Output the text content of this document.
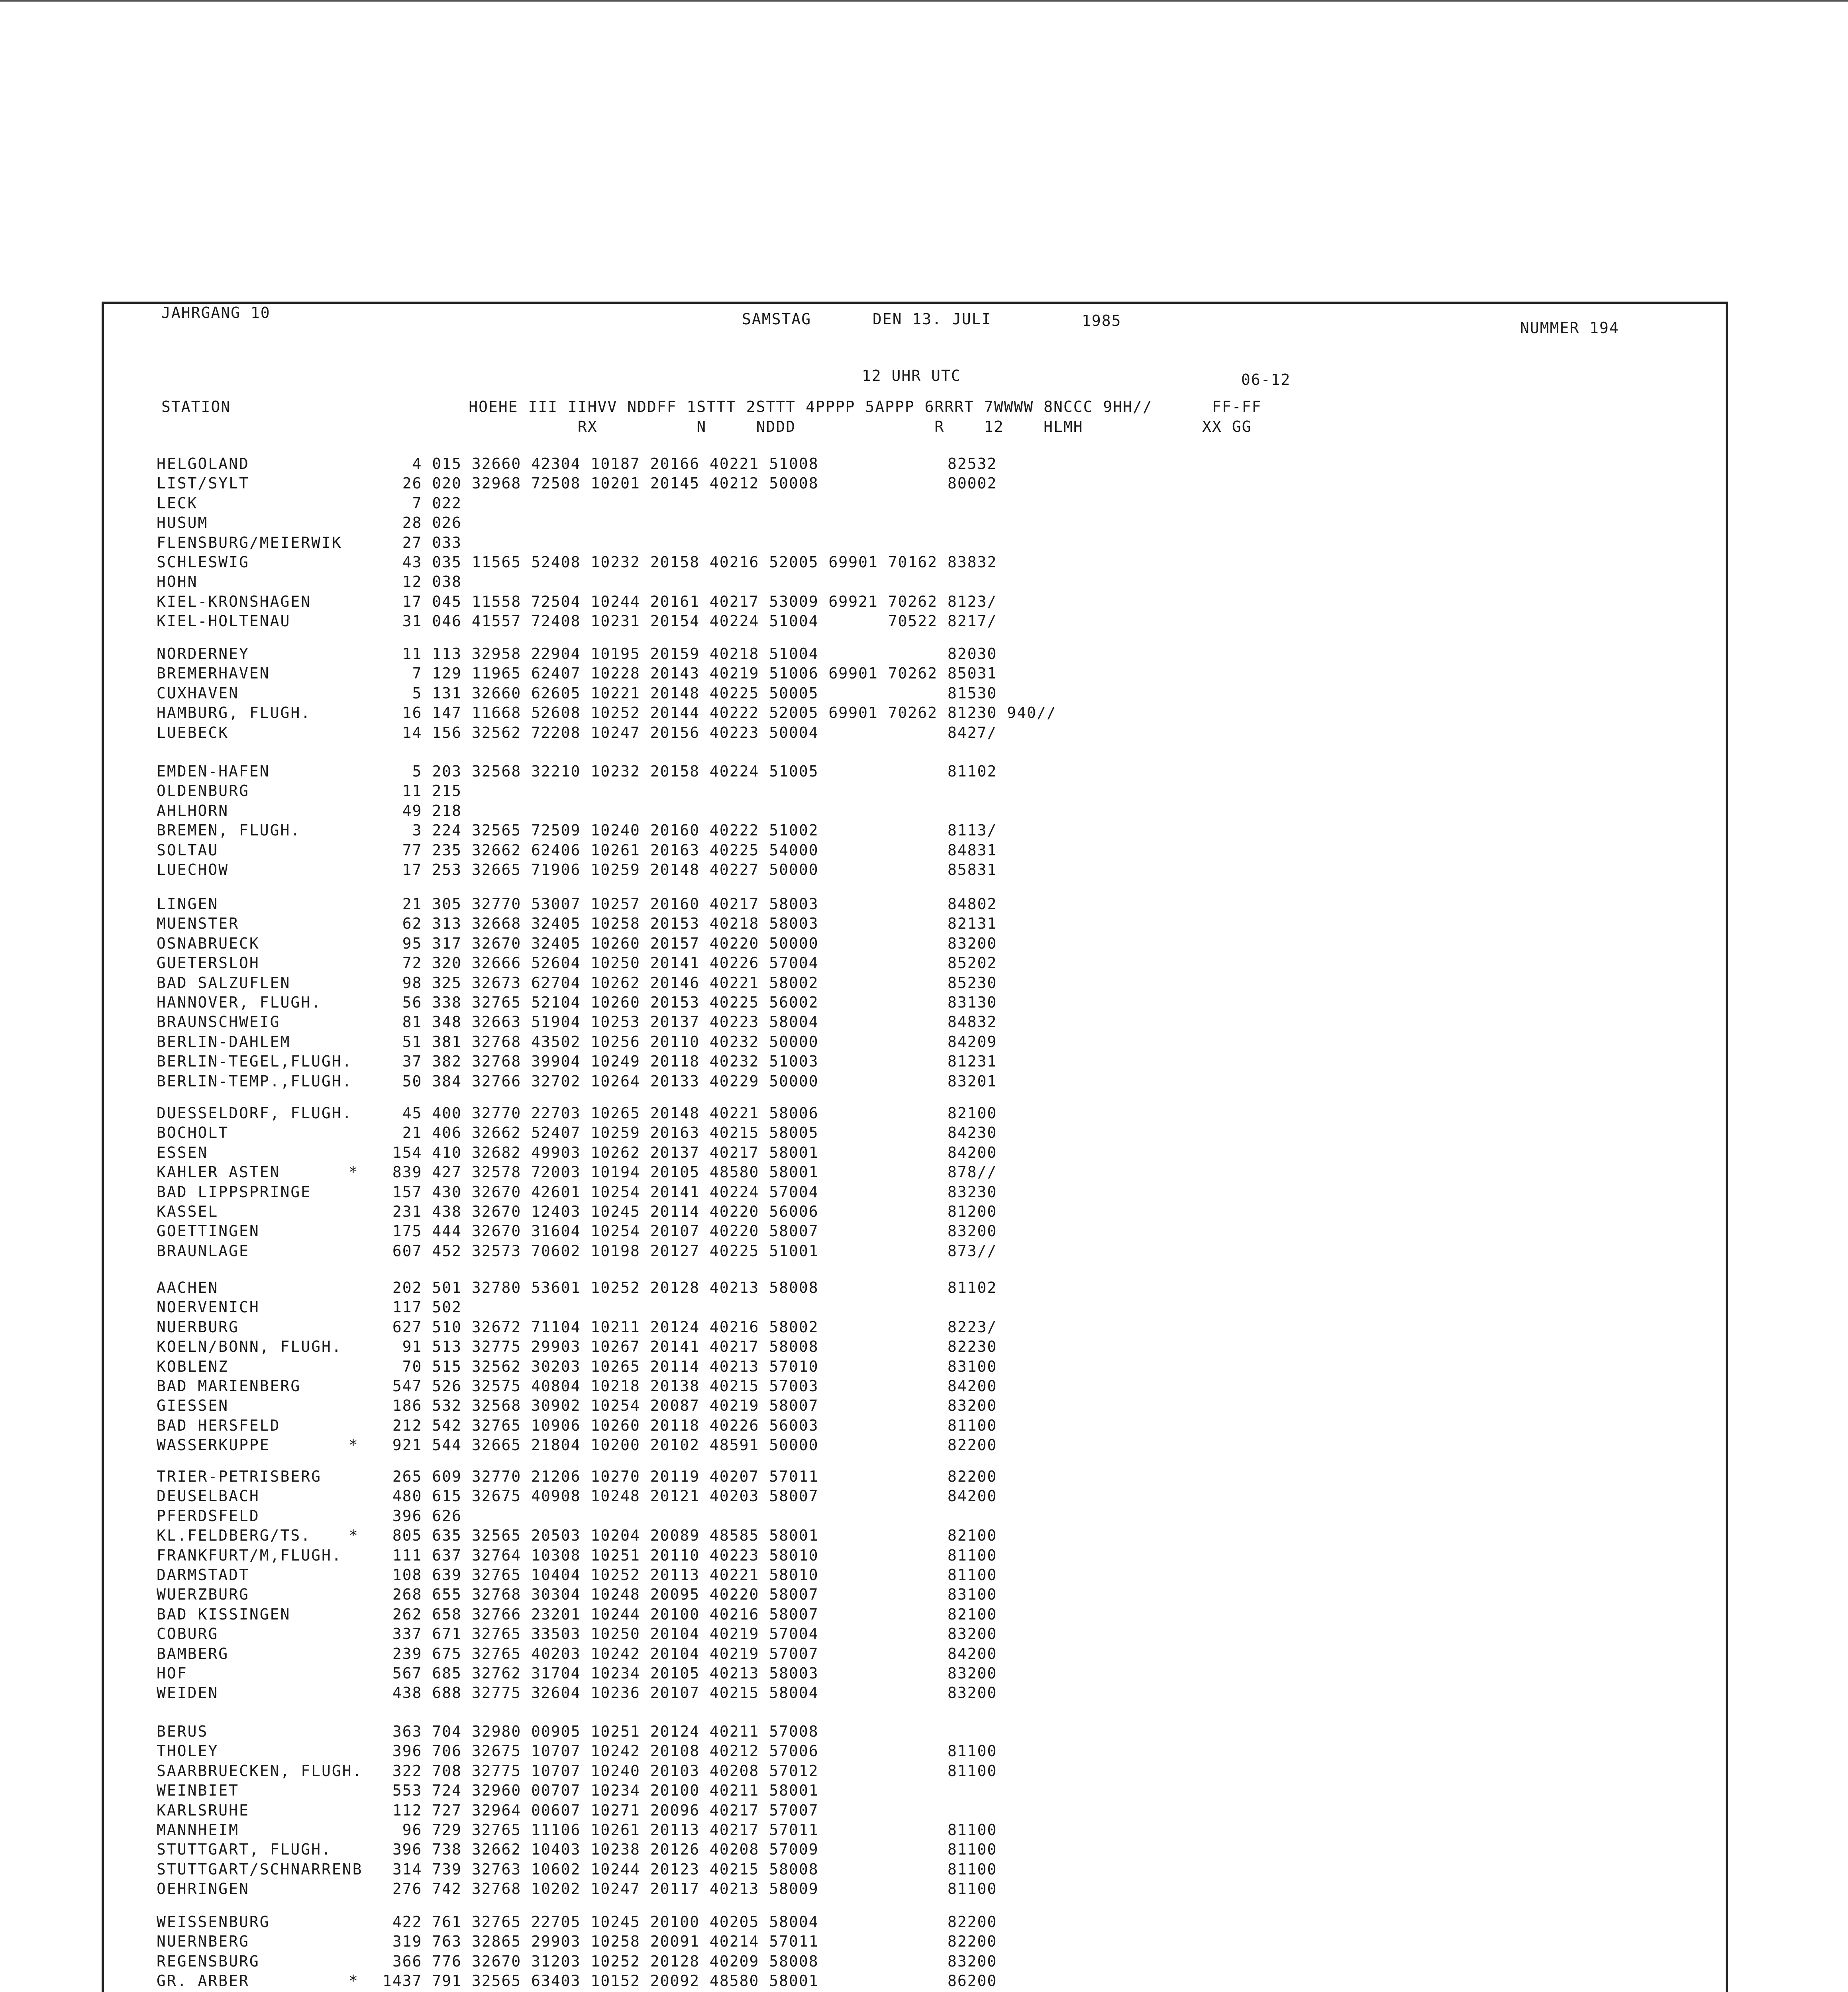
JAHRGANG 10	SAMSTAG	DEN 13. JULI	1985	NUMMER 194
12 UHR UTC	06-12
STATION                        HOEHE III IIHVV NDDFF 1STTT 2STTT 4PPPP 5APPP 6RRRT 7WWWW 8NCCC 9HH//      FF-FF
RX          N     NDDD              R    12    HLMH            XX GG
HELGOLAND	4 015 32660 42304 10187 20166 40221 51008             82532
LIST/SYLT	26 020 32968 72508 10201 20145 40212 50008             80002
LECK	7 022
HUSUM	28 026
FLENSBURG/MEIERWIK	27 033
SCHLESWIG	43 035 11565 52408 10232 20158 40216 52005 69901 70162 83832
HOHN	12 038
KIEL-KRONSHAGEN	17 045 11558 72504 10244 20161 40217 53009 69921 70262 8123/
KIEL-HOLTENAU	31 046 41557 72408 10231 20154 40224 51004       70522 8217/
NORDERNEY	11 113 32958 22904 10195 20159 40218 51004             82030
BREMERHAVEN	7 129 11965 62407 10228 20143 40219 51006 69901 70262 85031
CUXHAVEN	5 131 32660 62605 10221 20148 40225 50005             81530
HAMBURG, FLUGH.	16 147 11668 52608 10252 20144 40222 52005 69901 70262 81230 940//
LUEBECK	14 156 32562 72208 10247 20156 40223 50004             8427/
EMDEN-HAFEN	5 203 32568 32210 10232 20158 40224 51005             81102
OLDENBURG	11 215
AHLHORN	49 218
BREMEN, FLUGH.	3 224 32565 72509 10240 20160 40222 51002             8113/
SOLTAU	77 235 32662 62406 10261 20163 40225 54000             84831
LUECHOW	17 253 32665 71906 10259 20148 40227 50000             85831
LINGEN	21 305 32770 53007 10257 20160 40217 58003             84802
MUENSTER	62 313 32668 32405 10258 20153 40218 58003             82131
OSNABRUECK	95 317 32670 32405 10260 20157 40220 50000             83200
GUETERSLOH	72 320 32666 52604 10250 20141 40226 57004             85202
BAD SALZUFLEN	98 325 32673 62704 10262 20146 40221 58002             85230
HANNOVER, FLUGH.	56 338 32765 52104 10260 20153 40225 56002             83130
BRAUNSCHWEIG	81 348 32663 51904 10253 20137 40223 58004             84832
BERLIN-DAHLEM	51 381 32768 43502 10256 20110 40232 50000             84209
BERLIN-TEGEL,FLUGH. 37 382 32768 39904 10249 20118 40232 51003             81231
BERLIN-TEMP.,FLUGH. 50 384 32766 32702 10264 20133 40229 50000             83201
DUESSELDORF, FLUGH. 45 400 32770 22703 10265 20148 40221 58006             82100
BOCHOLT	21 406 32662 52407 10259 20163 40215 58005             84230
ESSEN	154 410 32682 49903 10262 20137 40217 58001             84200
KAHLER ASTEN	* 839 427 32578 72003 10194 20105 48580 58001             878//
BAD LIPPSPRINGE	157 430 32670 42601 10254 20141 40224 57004             83230
KASSEL	231 438 32670 12403 10245 20114 40220 56006             81200
GOETTINGEN	175 444 32670 31604 10254 20107 40220 58007             83200
BRAUNLAGE	607 452 32573 70602 10198 20127 40225 51001             873//
AACHEN	202 501 32780 53601 10252 20128 40213 58008             81102
NOERVENICH	117 502
NUERBURG	627 510 32672 71104 10211 20124 40216 58002             8223/
KOELN/BONN, FLUGH.	91 513 32775 29903 10267 20141 40217 58008             82230
KOBLENZ	70 515 32562 30203 10265 20114 40213 57010             83100
BAD MARIENBERG	547 526 32575 40804 10218 20138 40215 57003             84200
GIESSEN	186 532 32568 30902 10254 20087 40219 58007             83200
BAD HERSFELD	212 542 32765 10906 10260 20118 40226 56003             81100
WASSERKUPPE	* 921 544 32665 21804 10200 20102 48591 50000             82200
TRIER-PETRISBERG	265 609 32770 21206 10270 20119 40207 57011             82200
DEUSELBACH	480 615 32675 40908 10248 20121 40203 58007             84200
PFERDSFELD	396 626
KL.FELDBERG/TS. * 805 635 32565 20503 10204 20089 48585 58001             82100
FRANKFURT/M,FLUGH.	111 637 32764 10308 10251 20110 40223 58010             81100
DARMSTADT	108 639 32765 10404 10252 20113 40221 58010             81100
WUERZBURG	268 655 32768 30304 10248 20095 40220 58007             83100
BAD KISSINGEN	262 658 32766 23201 10244 20100 40216 58007             82100
COBURG	337 671 32765 33503 10250 20104 40219 57004             83200
BAMBERG	239 675 32765 40203 10242 20104 40219 57007             84200
HOF	567 685 32762 31704 10234 20105 40213 58003             83200
WEIDEN	438 688 32775 32604 10236 20107 40215 58004             83200
BERUS	363 704 32980 00905 10251 20124 40211 57008
THOLEY	396 706 32675 10707 10242 20108 40212 57006             81100
SAARBRUECKEN, FLUGH. 322 708 32775 10707 10240 20103 40208 57012             81100
WEINBIET	553 724 32960 00707 10234 20100 40211 58001
KARLSRUHE	112 727 32964 00607 10271 20096 40217 57007
MANNHEIM	96 729 32765 11106 10261 20113 40217 57011             81100
STUTTGART, FLUGH.	396 738 32662 10403 10238 20126 40208 57009             81100
STUTTGART/SCHNARRENB 314 739 32763 10602 10244 20123 40215 58008             81100
OEHRINGEN	276 742 32768 10202 10247 20117 40213 58009             81100
WEISSENBURG	422 761 32765 22705 10245 20100 40205 58004             82200
NUERNBERG	319 763 32865 29903 10258 20091 40214 57011             82200
REGENSBURG	366 776 32670 31203 10252 20128 40209 58008             83200
GR. ARBER	* 1437 791 32565 63403 10152 20092 48580 58001             86200
